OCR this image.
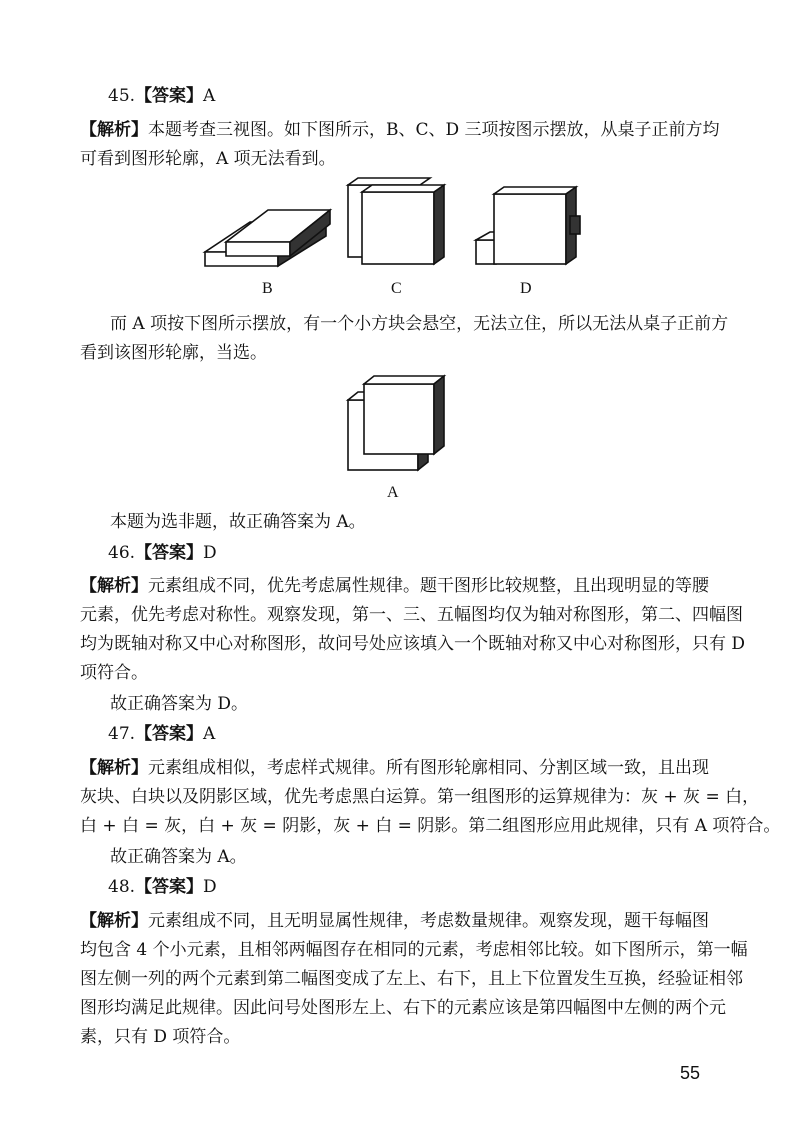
45.【答案】A
【解析】本题考查三视图。如下图所示，B、C、D 三项按图示摆放，从桌子正前方均
可看到图形轮廓，A 项无法看到。
B	C	D
而 A 项按下图所示摆放，有一个小方块会悬空，无法立住，所以无法从桌子正前方
看到该图形轮廓，当选。
A
本题为选非题，故正确答案为 A。
46.【答案】D
【解析】元素组成不同，优先考虑属性规律。题干图形比较规整，且出现明显的等腰
元素，优先考虑对称性。观察发现，第一、三、五幅图均仅为轴对称图形，第二、四幅图
均为既轴对称又中心对称图形，故问号处应该填入一个既轴对称又中心对称图形，只有 D
项符合。
故正确答案为 D。
47.【答案】A
【解析】元素组成相似，考虑样式规律。所有图形轮廓相同、分割区域一致，且出现
灰块、白块以及阴影区域，优先考虑黑白运算。第一组图形的运算规律为：灰 + 灰 = 白，
白 + 白 = 灰，白 + 灰 = 阴影，灰 + 白 = 阴影。第二组图形应用此规律，只有 A 项符合。
故正确答案为 A。
48.【答案】D
【解析】元素组成不同，且无明显属性规律，考虑数量规律。观察发现，题干每幅图
均包含 4 个小元素，且相邻两幅图存在相同的元素，考虑相邻比较。如下图所示，第一幅
图左侧一列的两个元素到第二幅图变成了左上、右下，且上下位置发生互换，经验证相邻
图形均满足此规律。因此问号处图形左上、右下的元素应该是第四幅图中左侧的两个元
素，只有 D 项符合。
55
